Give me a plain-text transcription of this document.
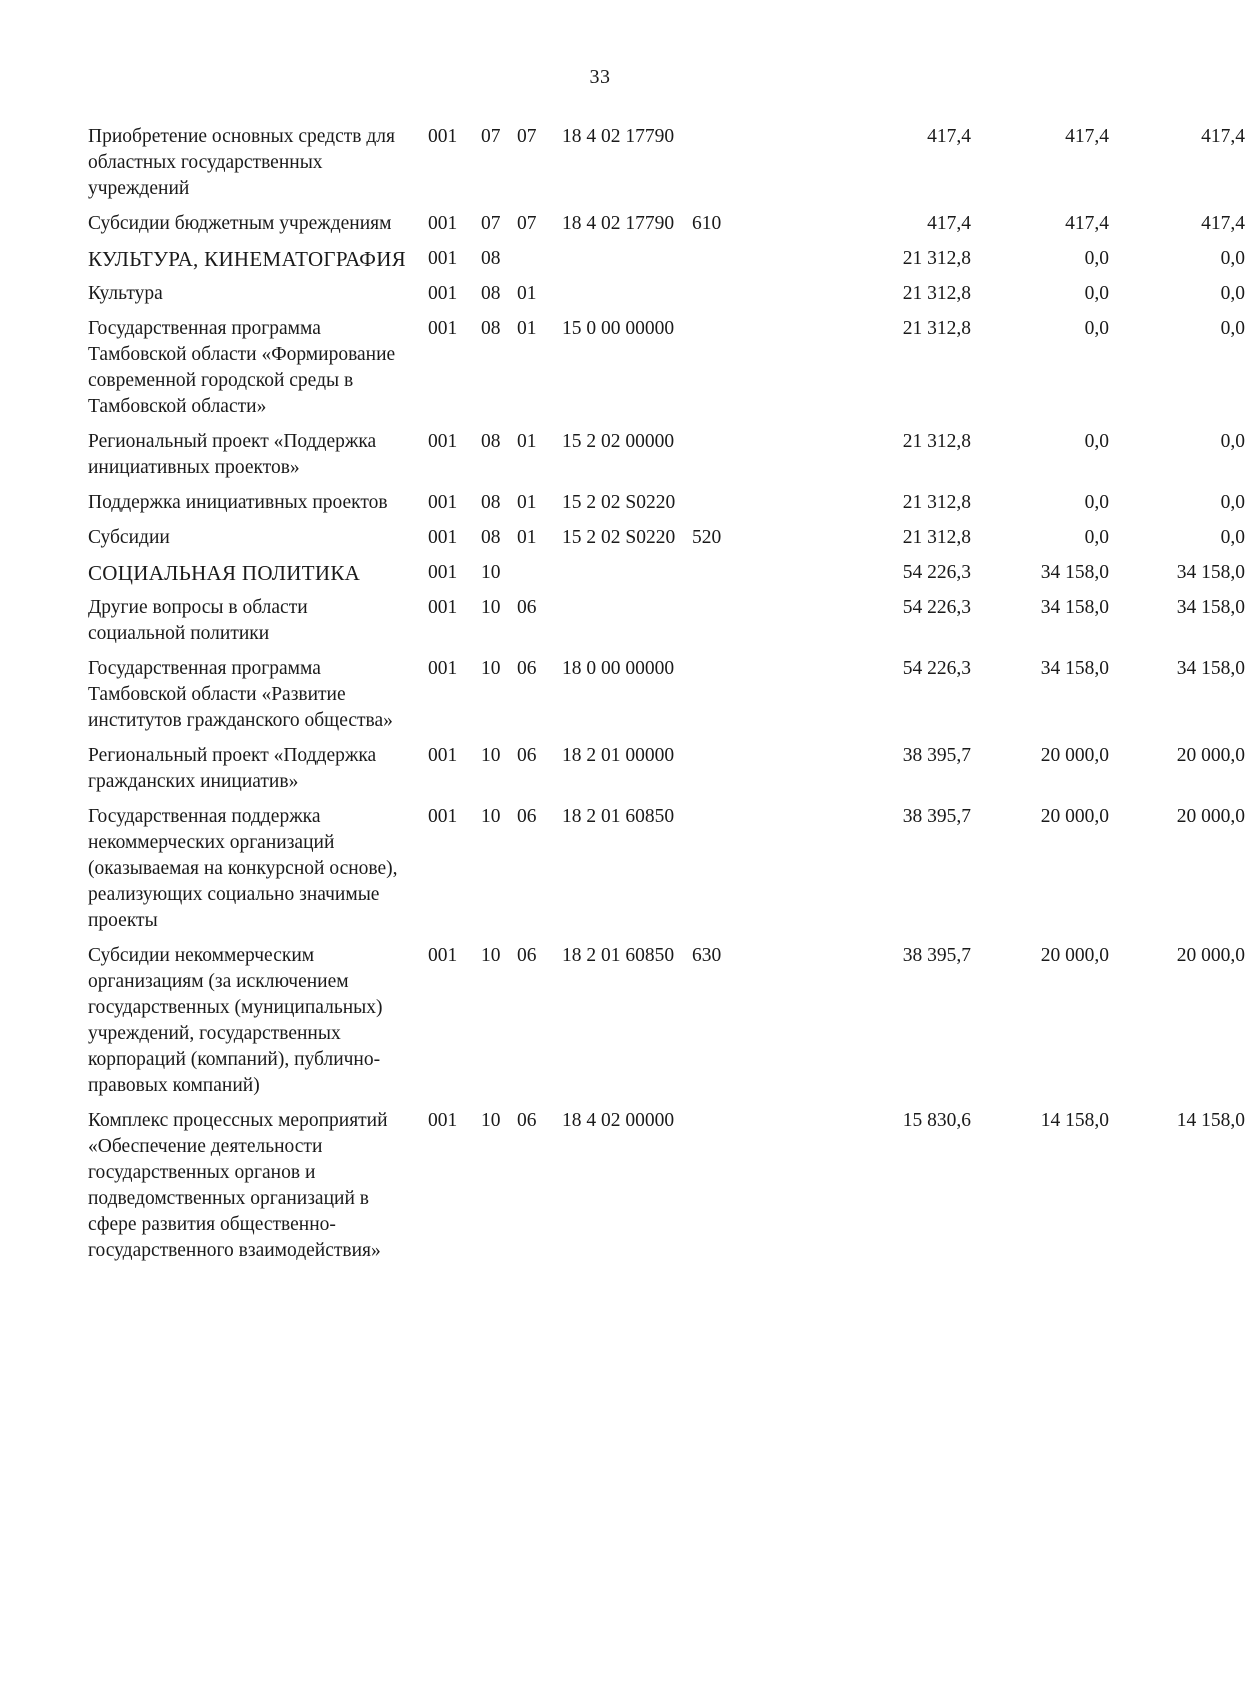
33
Приобретение основных средств для областных государственных учреждений
001 07 07 18 4 02 17790	417,4	417,4	417,4
Субсидии бюджетным учреждениям	001 07 07 18 4 02 17790 610	417,4	417,4	417,4
КУЛЬТУРА, КИНЕМАТОГРАФИЯ 001 08	21 312,8	0,0	0,0
Культура	001 08 01	21 312,8	0,0	0,0
Государственная программа Тамбовской области «Формирование современной городской среды в Тамбовской области»
001 08 01 15 0 00 00000	21 312,8	0,0	0,0
Региональный проект «Поддержка инициативных проектов»
001 08 01 15 2 02 00000	21 312,8	0,0	0,0
Поддержка инициативных проектов	001 08 01 15 2 02 S0220	21 312,8	0,0	0,0
Субсидии	001 08 01 15 2 02 S0220 520	21 312,8	0,0	0,0
СОЦИАЛЬНАЯ ПОЛИТИКА	001 10	54 226,3	34 158,0	34 158,0
Другие вопросы в области социальной политики
001 10 06	54 226,3	34 158,0	34 158,0
Государственная программа Тамбовской области «Развитие институтов гражданского общества»
001 10 06 18 0 00 00000	54 226,3	34 158,0	34 158,0
Региональный проект «Поддержка гражданских инициатив»
001 10 06 18 2 01 00000	38 395,7	20 000,0	20 000,0
Государственная поддержка некоммерческих организаций (оказываемая на конкурсной основе), реализующих социально значимые проекты
001 10 06 18 2 01 60850	38 395,7	20 000,0	20 000,0
Субсидии некоммерческим организациям (за исключением государственных (муниципальных) учреждений, государственных корпораций (компаний), публично-правовых компаний)
001 10 06 18 2 01 60850 630	38 395,7	20 000,0	20 000,0
Комплекс процессных мероприятий «Обеспечение деятельности государственных органов и подведомственных организаций в сфере развития общественно-государственного взаимодействия»
001 10 06 18 4 02 00000	15 830,6	14 158,0	14 158,0
